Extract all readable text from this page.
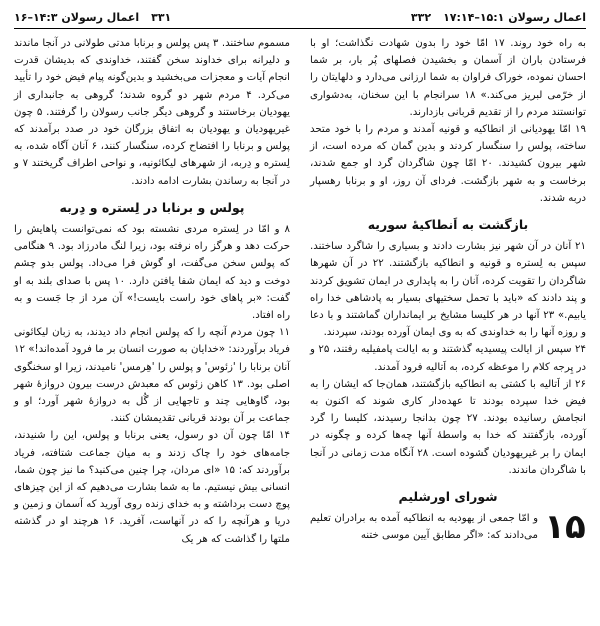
اعمال رسولان ۱۵:۱–۱۷:۱۴
۳۳۲
۳۳۱
اعمال رسولان ۱۴:۳–۱۶

به راه خود روند. ۱۷ امّا خود را بدون شهادت نگذاشت؛ او با فرستادن باران از آسمان و بخشیدن فصلهای پُر بار، بر شما احسان نموده، خوراک فراوان به شما ارزانی می‌دارد و دلهایتان را از خرّمی لبریز می‌کند.» ۱۸ سرانجام با این سخنان، به‌دشواری توانستند مردم را از تقدیم قربانی بازدارند.

۱۹ امّا یهودیانی از انطاکیه و قونیه آمدند و مردم را با خود متحد ساخته، پولس را سنگسار کردند و بدین گمان که مرده است، از شهر بیرون کشیدند. ۲۰ امّا چون شاگردان گرد او جمع شدند، برخاست و به شهر بازگشت. فردای آن روز، او و برنابا رهسپار دربه شدند.

بازگشت به اَنطاکیهٔ سوریه

۲۱ آنان در آن شهر نیز بشارت دادند و بسیاری را شاگرد ساختند. سپس به لِستره و قونیه و انطاکیه بازگشتند. ۲۲ در آن شهرها شاگردان را تقویت کرده، آنان را به پایداری در ایمان تشویق کردند و پند دادند که «باید با تحمل سختیهای بسیار به پادشاهی خدا راه یابیم.» ۲۳ آنها در هر کلیسا مشایخ بر ایمانداران گماشتند و با دعا و روزه آنها را به خداوندی که به وی ایمان آورده بودند، سپردند.

۲۴ سپس از ایالت پیسیدیه گذشتند و به ایالت پامفیلیه رفتند، ۲۵ و در پِرجه کلام را موعظه کرده، به اَتالیه فرود آمدند.

۲۶ از اَتالیه با کشتی به انطاکیه بازگشتند، همان‌جا که ایشان را به فیض خدا سپرده بودند تا عهده‌دار کاری شوند که اکنون به انجامش رسانیده بودند. ۲۷ چون بدانجا رسیدند، کلیسا را گرد آورده، بازگفتند که خدا به واسطهٔ آنها چه‌ها کرده و چگونه در ایمان را بر غیریهودیان گشوده است. ۲۸ آنگاه مدت زمانی در آنجا با شاگردان ماندند.

شورای اورشلیم
۱۵

و امّا جمعی از یهودیه به انطاکیه آمده به برادران تعلیم می‌دادند که: «اگر مطابق آیین موسی ختنه

مسموم ساختند. ۳ پس پولس و برنابا مدتی طولانی در آنجا ماندند و دلیرانه برای خداوند سخن گفتند، خداوندی که بدیشان قدرت انجام آیات و معجزات می‌بخشید و بدین‌گونه پیام فیض خود را تأیید می‌کرد. ۴ مردم شهر دو گروه شدند؛ گروهی به جانبداری از یهودیان برخاستند و گروهی دیگر جانب رسولان را گرفتند. ۵ چون غیریهودیان و یهودیان به اتفاق بزرگان خود در صدد برآمدند که پولس و برنابا را افتضاح کرده، سنگسار کنند، ۶ آنان آگاه شده، به لِستره و دِربه، از شهرهای لیکائونیه، و نواحی اطراف گریختند ۷ و در آنجا به رساندن بشارت ادامه دادند.

پولس و برنابا در لِستره و دِربه

۸ و امّا در لِستره مردی نشسته بود که نمی‌توانست پاهایش را حرکت دهد و هرگز راه نرفته بود، زیرا لنگ مادرزاد بود. ۹ هنگامی که پولس سخن می‌گفت، او گوش فرا می‌داد. پولس بدو چشم دوخت و دید که ایمان شفا یافتن دارد. ۱۰ پس با صدای بلند به او گفت: «بر پاهای خود راست بایست!» آن مرد از جا جَست و به راه افتاد.

۱۱ چون مردم آنچه را که پولس انجام داد دیدند، به زبان لیکائونی فریاد برآوردند: «خدایان به صورت انسان بر ما فرود آمده‌اند!» ۱۲ آنان برنابا را 'زئوس' و پولس را 'هِرمس' نامیدند، زیرا او سخنگوی اصلی بود. ۱۳ کاهن زئوس که معبدش درست بیرون دروازهٔ شهر بود، گاوهایی چند و تاجهایی از گُل به دروازهٔ شهر آورد؛ او و جماعت بر آن بودند قربانی تقدیمشان کنند.

۱۴ امّا چون آن دو رسول، یعنی برنابا و پولس، این را شنیدند، جامه‌های خود را چاک زدند و به میان جماعت شتافته، فریاد برآوردند که: ۱۵ «ای مردان، چرا چنین می‌کنید؟ ما نیز چون شما، انسانی بیش نیستیم. ما به شما بشارت می‌دهیم که از این چیزهای پوچ دست برداشته و به خدای زنده روی آورید که آسمان و زمین و دریا و هرآنچه را که در آنهاست، آفرید. ۱۶ هرچند او در گذشته ملتها را گذاشت که هر یک
